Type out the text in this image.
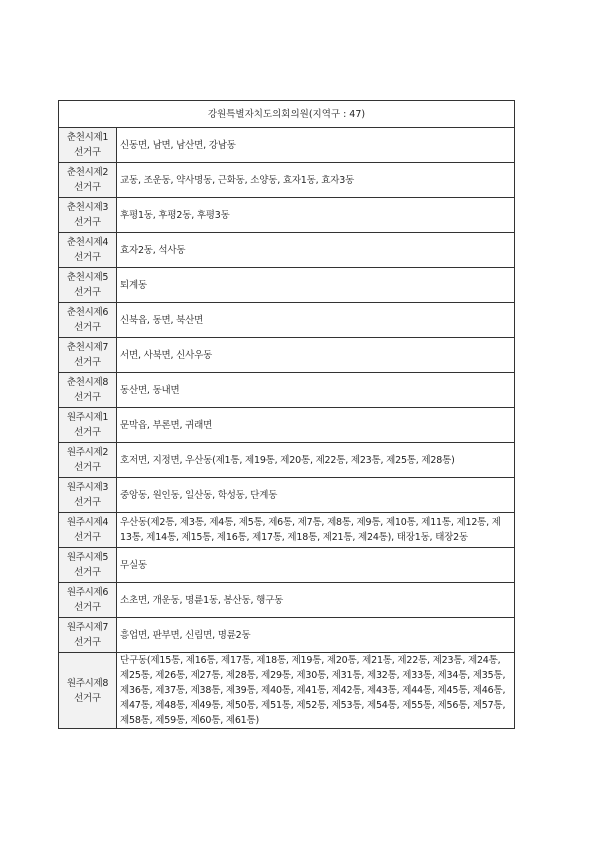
강원특별자치도의회의원(지역구 : 47)	

춘천시제1
선거구	신동면, 남면, 남산면, 강남동

춘천시제2
선거구	교동, 조운동, 약사명동, 근화동, 소양동, 효자1동, 효자3동

춘천시제3
선거구	후평1동, 후평2동, 후평3동

춘천시제4
선거구	효자2동, 석사동

춘천시제5
선거구	퇴계동

춘천시제6
선거구	신북읍, 동면, 북산면

춘천시제7
선거구	서면, 사북면, 신사우동

춘천시제8
선거구	동산면, 동내면

원주시제1
선거구	문막읍, 부론면, 귀래면

원주시제2
선거구	호저면, 지정면, 우산동(제1통, 제19통, 제20통, 제22통, 제23통, 제25통, 제28통)

원주시제3
선거구	중앙동, 원인동, 일산동, 학성동, 단계동

원주시제4
선거구	우산동(제2통, 제3통, 제4통, 제5통, 제6통, 제7통, 제8통, 제9통, 제10통, 제11통, 제12통, 제13통, 제14통, 제15통, 제16통, 제17통, 제18통, 제21통, 제24통), 태장1동, 태장2동

원주시제5
선거구	무실동

원주시제6
선거구	소초면, 개운동, 명륜1동, 봉산동, 행구동

원주시제7
선거구	흥업면, 판부면, 신림면, 명륜2동

원주시제8
선거구	단구동(제15통, 제16통, 제17통, 제18통, 제19통, 제20통, 제21통, 제22통, 제23통, 제24통, 제25통, 제26통, 제27통, 제28통, 제29통, 제30통, 제31통, 제32통, 제33통, 제34통, 제35통, 제36통, 제37통, 제38통, 제39통, 제40통, 제41통, 제42통, 제43통, 제44통, 제45통, 제46통, 제47통, 제48통, 제49통, 제50통, 제51통, 제52통, 제53통, 제54통, 제55통, 제56통, 제57통, 제58통, 제59통, 제60통, 제61통)
